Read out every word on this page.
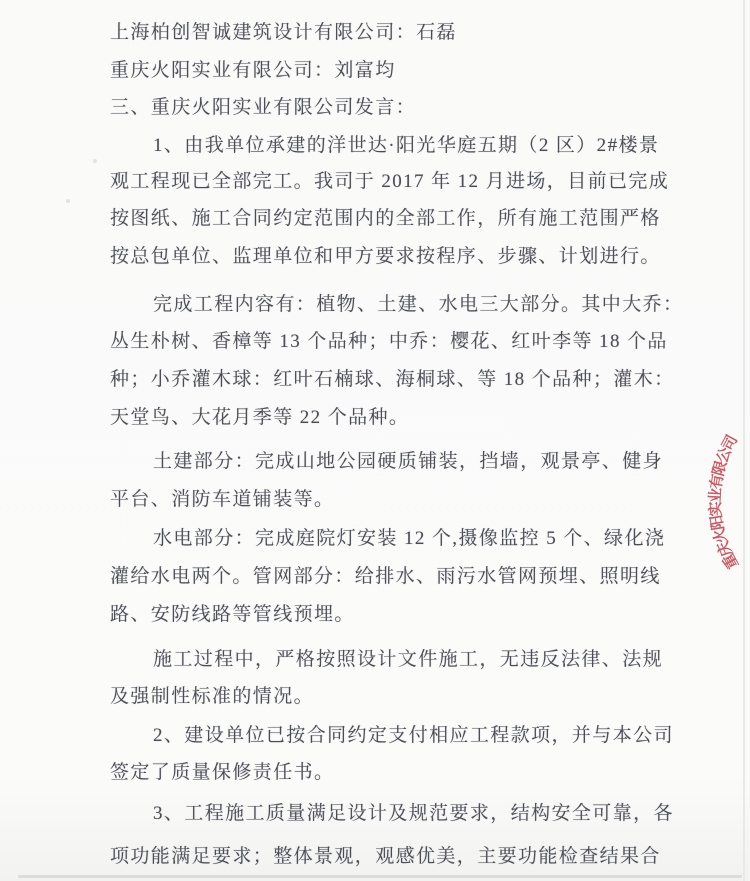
上海柏创智诚建筑设计有限公司：石磊
重庆火阳实业有限公司：刘富均
三、重庆火阳实业有限公司发言：
1、由我单位承建的洋世达·阳光华庭五期（2 区）2#楼景
观工程现已全部完工。我司于 2017 年 12 月进场，目前已完成
按图纸、施工合同约定范围内的全部工作，所有施工范围严格
按总包单位、监理单位和甲方要求按程序、步骤、计划进行。
完成工程内容有：植物、土建、水电三大部分。其中大乔：
丛生朴树、香樟等 13 个品种；中乔：樱花、红叶李等 18 个品
种；小乔灌木球：红叶石楠球、海桐球、等 18 个品种；灌木：
天堂鸟、大花月季等 22 个品种。
土建部分：完成山地公园硬质铺装，挡墙，观景亭、健身
平台、消防车道铺装等。
水电部分：完成庭院灯安装 12 个,摄像监控 5 个、绿化浇
灌给水电两个。管网部分：给排水、雨污水管网预埋、照明线
路、安防线路等管线预埋。
施工过程中，严格按照设计文件施工，无违反法律、法规
及强制性标准的情况。
2、建设单位已按合同约定支付相应工程款项，并与本公司
签定了质量保修责任书。
3、工程施工质量满足设计及规范要求，结构安全可靠，各
项功能满足要求；整体景观，观感优美，主要功能检查结果合
重庆火阳实业有限公司
